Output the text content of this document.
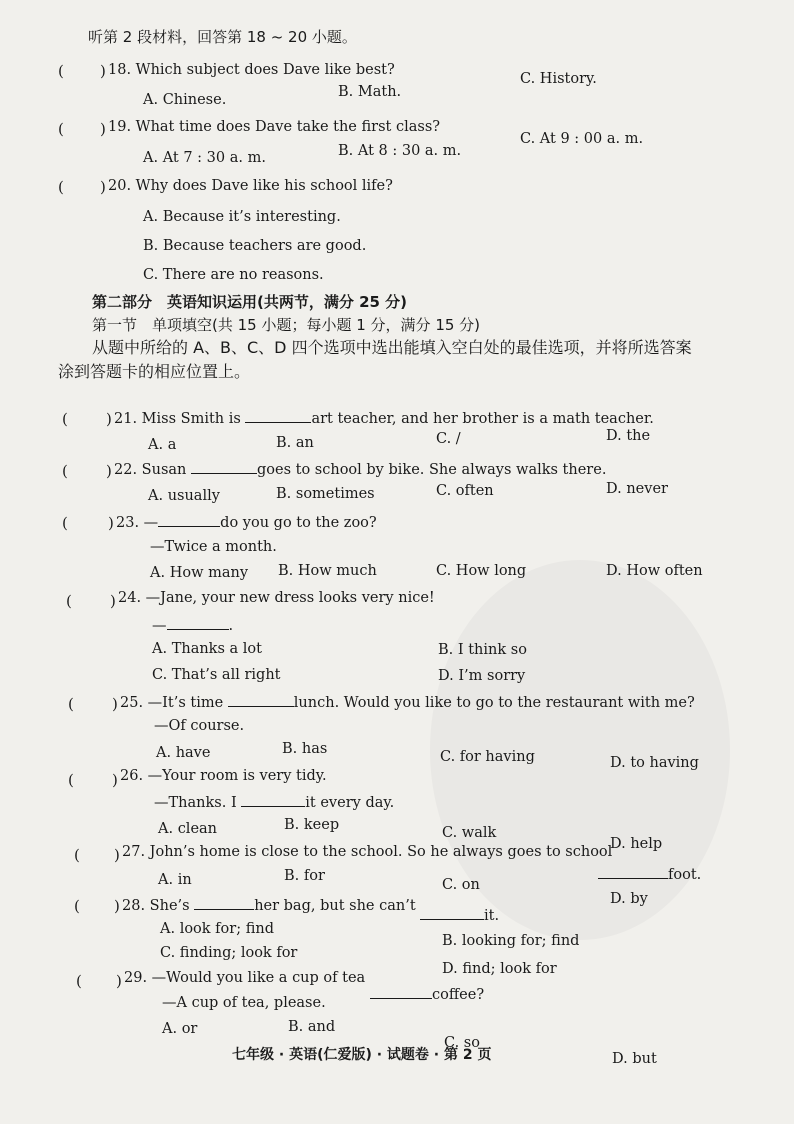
听第 2 段材料，回答第 18 ~ 20 小题。
( ) 18. Which subject does Dave like best?
C. History.
A. Chinese.	B. Math.
( ) 19. What time does Dave take the first class?
C. At 9 : 00 a. m.
A. At 7 : 30 a. m.	B. At 8 : 30 a. m.
( ) 20. Why does Dave like his school life?
A. Because it’s interesting.
B. Because teachers are good.
C. There are no reasons.
第二部分　英语知识运用(共两节，满分 25 分)
第一节　单项填空(共 15 小题；每小题 1 分，满分 15 分)
从题中所给的 A、B、C、D 四个选项中选出能填入空白处的最佳选项，并将所选答案
涂到答题卡的相应位置上。
(	) 21. Miss Smith is	art teacher, and her brother is a math teacher.
A. a	B. an	C. /	D. the
(	) 22. Susan	goes to school by bike. She always walks there.
A. usually	B. sometimes	C. often	D. never
(	) 23. —	do you go to the zoo?
—Twice a month.
A. How many B. How much	C. How long	D. How often
(	) 24. —Jane, your new dress looks very nice!
—	.
A. Thanks a lot	B. I think so
C. That’s all right	D. I’m sorry
(	) 25. —It’s time	lunch. Would you like to go to the restaurant with me?
—Of course.
A. have	B. has	C. for having	D. to having
(	) 26. —Your room is very tidy.
—Thanks. I	it every day.
A. clean	B. keep	C. walk
D. help
( ) 27. John’s home is close to the school. So he always goes to school
foot.
A. in	B. for
C. on
D. by
( ) 28. She’s	her bag, but she can’t
it.
A. look for; find
B. looking for; find
C. finding; look for
D. find; look for
( ) 29. —Would you like a cup of tea
coffee?
—A cup of tea, please.
A. or	B. and
C. so
D. but
七年级 · 英语(仁爱版) · 试题卷 · 第 2 页
